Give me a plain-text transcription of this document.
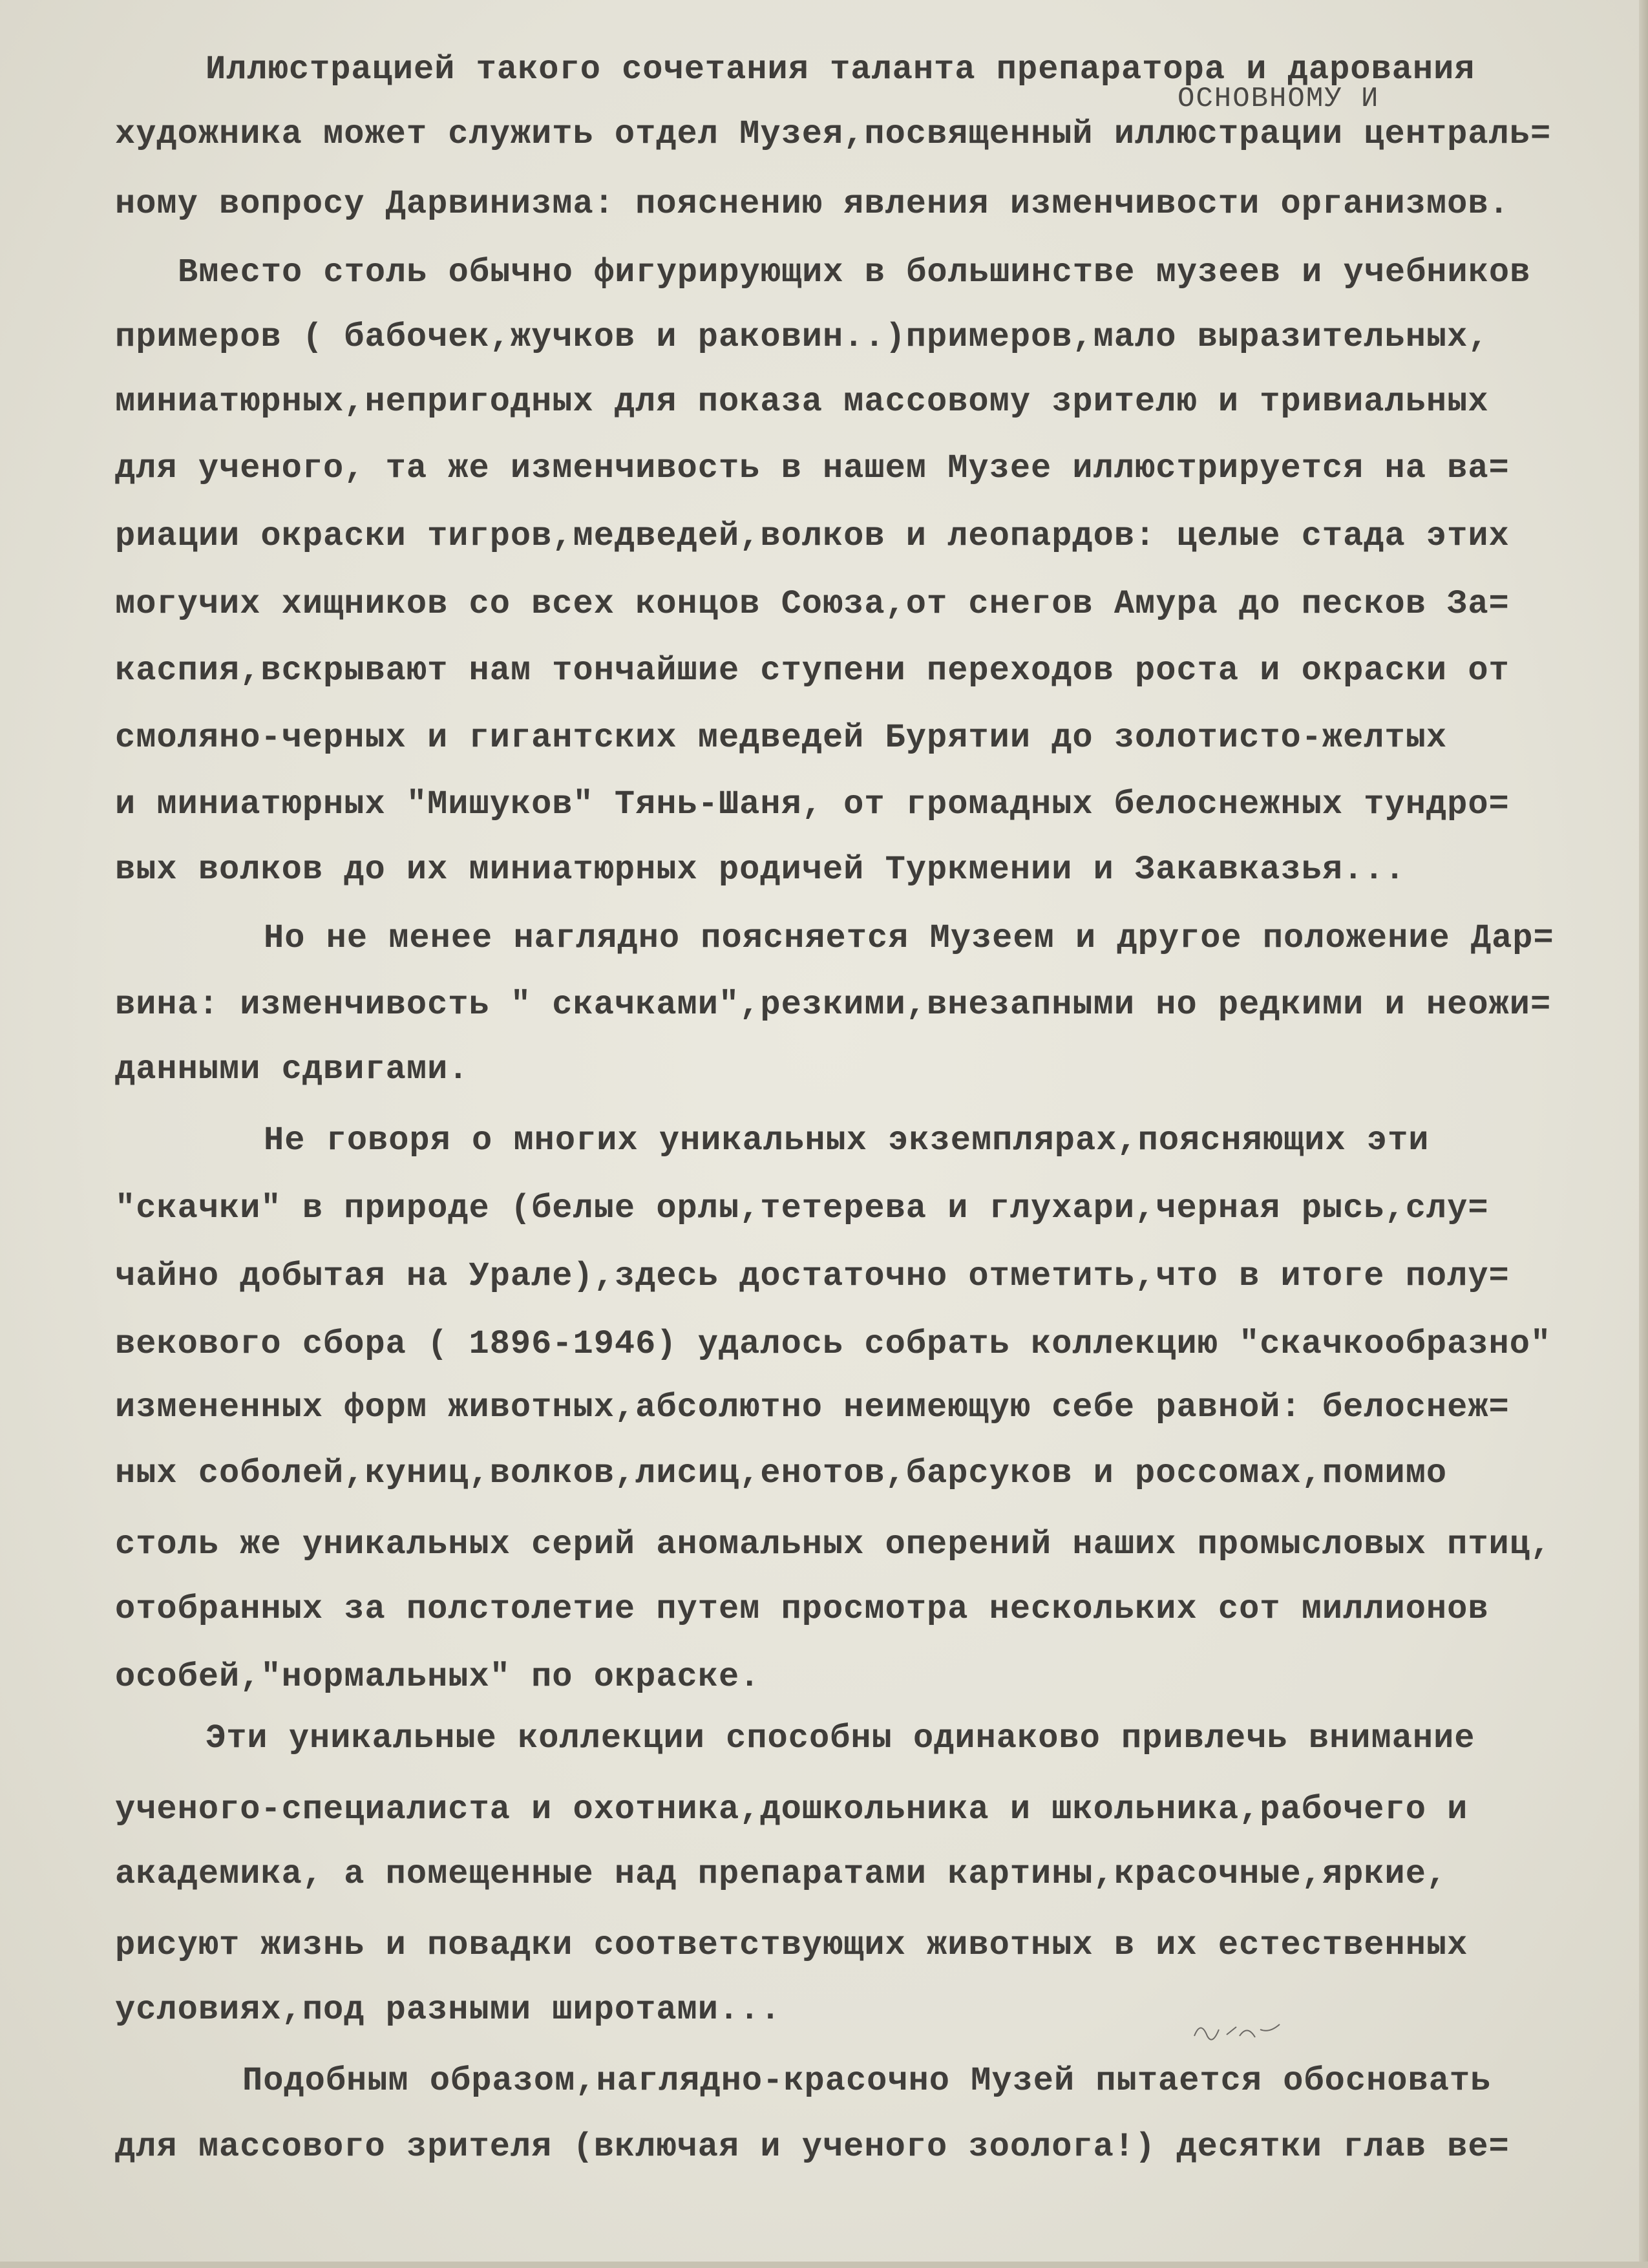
ОСНОВНОМУ И
Иллюстрацией такого сочетания таланта препаратора и дарования
художника может служить отдел Музея,посвященный иллюстрации централь=
ному вопросу Дарвинизма: пояснению явления изменчивости организмов.
Вместо столь обычно фигурирующих в большинстве музеев и учебников
примеров ( бабочек,жучков и раковин..)примеров,мало выразительных,
миниатюрных,непригодных для показа массовому зрителю и тривиальных
для ученого, та же изменчивость в нашем Музее иллюстрируется на ва=
риации окраски тигров,медведей,волков и леопардов: целые стада этих
могучих хищников со всех концов Союза,от снегов Амура до песков За=
каспия,вскрывают нам тончайшие ступени переходов роста и окраски от
смоляно-черных и гигантских медведей Бурятии до золотисто-желтых
и миниатюрных "Мишуков" Тянь-Шаня, от громадных белоснежных тундро=
вых волков до их миниатюрных родичей Туркмении и Закавказья...
Но не менее наглядно поясняется Музеем и другое положение Дар=
вина: изменчивость " скачками",резкими,внезапными но редкими и неожи=
данными сдвигами.
Не говоря о многих уникальных экземплярах,поясняющих эти
"скачки" в природе (белые орлы,тетерева и глухари,черная рысь,слу=
чайно добытая на Урале),здесь достаточно отметить,что в итоге полу=
векового сбора ( 1896-1946) удалось собрать коллекцию "скачкообразно"
измененных форм животных,абсолютно неимеющую себе равной: белоснеж=
ных соболей,куниц,волков,лисиц,енотов,барсуков и россомах,помимо
столь же уникальных серий аномальных оперений наших промысловых птиц,
отобранных за полстолетие путем просмотра нескольких сот миллионов
особей,"нормальных" по окраске.
Эти уникальные коллекции способны одинаково привлечь внимание
ученого-специалиста и охотника,дошкольника и школьника,рабочего и
академика, а помещенные над препаратами картины,красочные,яркие,
рисуют жизнь и повадки соответствующих животных в их естественных
условиях,под разными широтами...
Подобным образом,наглядно-красочно Музей пытается обосновать
для массового зрителя (включая и ученого зоолога!) десятки глав ве=
